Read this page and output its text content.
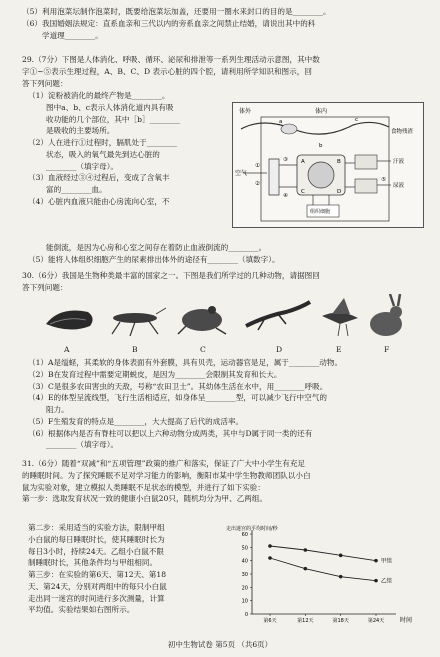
（5）利用泡菜坛制作泡菜时，既要给泡菜坛加盖，还要用一圈水来封口的目的是________。
（6）我国婚姻法规定：直系血亲和三代以内的旁系血亲之间禁止结婚，请说出其中的科
学道理________。
29.（7分）下图是人体消化、呼吸、循环、泌尿和排泄等一系列生理活动示意图，其中数
字①~⑤表示生理过程，A、B、C、D 表示心脏的四个腔，请利用所学知识和图示，回
答下列问题：
（1）淀粉被消化的最终产物是________。
图中a、b、c表示人体消化道内具有吸
收功能的几个部位，其中［b］________
是吸收的主要场所。
（2）人在进行①过程时，膈肌处于________
状态，吸入的氧气最先到达心脏的
________（填字母）。
（3）血液经过③④过程后，变成了含氧丰
富的________血。
（4）心脏内血液只能由心房流向心室，不
能倒流，是因为心房和心室之间存在着防止血液倒流的________。
（5）能将人体组织细胞产生的尿素排出体外的途径有________（填数字）。
体外	体内
空气
食物残渣
汗液
尿液
a
b
c
①
②
A	B
C	D
③
④
⑤
组织细胞
30.（6分）我国是生物种类最丰富的国家之一。下图是我们所学过的几种动物，请据图回
答下列问题：
A	B	C	D	E	F
（1）A是缢蛏，其柔软的身体表面有外套膜，具有贝壳，运动器官是足，属于________动物。
（2）B在发育过程中需要定期蜕皮，是因为________会限制其发育和长大。
（3）C是很多农田害虫的天敌，号称“农田卫士”。其幼体生活在水中，用________呼吸。
（4）E的体型呈流线型，飞行生活相适应，如身体呈________型，可以减少飞行中空气的
阻力。
（5）F生殖发育的特点是________，大大提高了后代的成活率。
（6）根据体内是否有脊柱可以把以上六种动物分成两类，其中与D属于同一类的还有
________（填字母）。
31.（6分）随着“双减”和“五项管理”政策的推广和落实，保证了广大中小学生有充足
的睡眠时间。为了探究睡眠不足对学习能力的影响，衡阳市某中学生物教师团队以小白
鼠为实验对象，建立模拟人类睡眠不足状态的模型，并进行了如下实验：
第一步：选取发育状况一致的健康小白鼠20只，随机均分为甲、乙两组。
第二步：采用适当的实验方法，限制甲组
小白鼠的每日睡眠时长，使其睡眠时长为
每日3小时，持续24天。乙组小白鼠不限
制睡眠时长，其他条件均与甲组相同。
第三步：在实验的第6天、第12天、第18
天、第24天，分别对两组中的每只小白鼠
走出同一迷宫的时间进行多次测量，计算
平均值。实验结果如右图所示。
走出迷宫的平均时间/秒
时间
0
10
20
30
40
50
60
第6天	第12天	第18天	第24天
甲组
乙组
初中生物试卷 第5页 （共6页）
